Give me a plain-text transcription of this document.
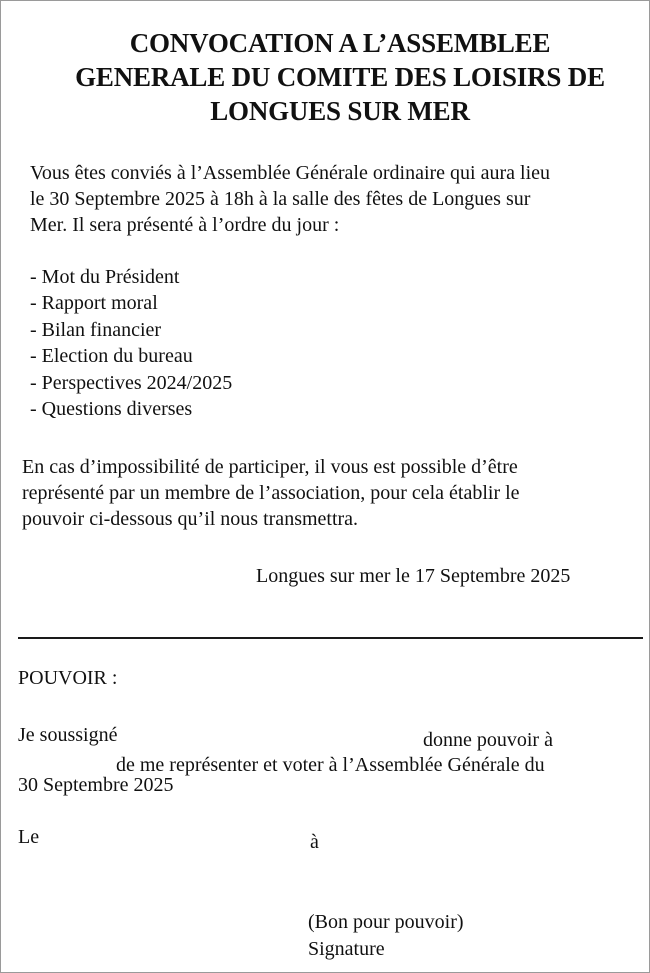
CONVOCATION A L’ASSEMBLEE
GENERALE DU COMITE DES LOISIRS DE
LONGUES SUR MER
Vous êtes conviés à l’Assemblée Générale ordinaire qui aura lieu
le 30 Septembre 2025 à 18h à la salle des fêtes de Longues sur
Mer. Il sera présenté à l’ordre du jour :
- Mot du Président
- Rapport moral
- Bilan financier
- Election du bureau
- Perspectives 2024/2025
- Questions diverses
En cas d’impossibilité de participer, il vous est possible d’être
représenté par un membre de l’association, pour cela établir le
pouvoir ci-dessous qu’il nous transmettra.
Longues sur mer le 17 Septembre 2025
POUVOIR :
Je soussigné	donne pouvoir à
de me représenter et voter à l’Assemblée Générale du
30 Septembre 2025
Le	à
(Bon pour pouvoir)
Signature
